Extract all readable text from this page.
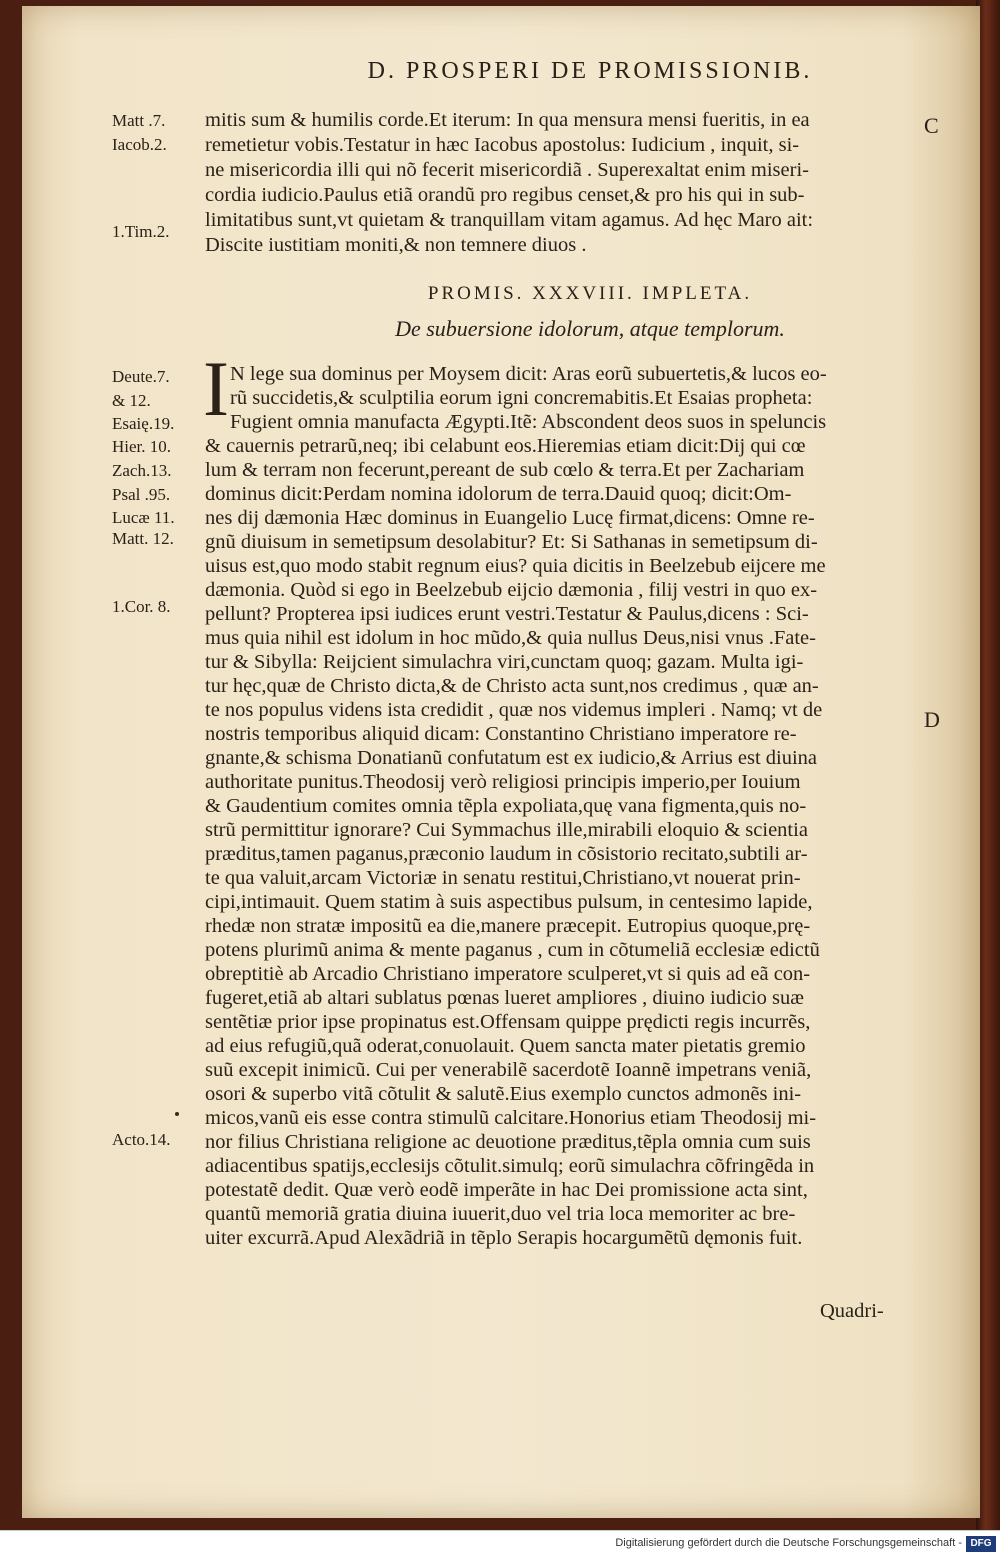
D. PROSPERI DE PROMISSIONIB.
C
D
mitis sum & humilis corde.Et iterum: In qua mensura mensi fueritis, in ea
remetietur vobis.Testatur in hæc Iacobus apostolus: Iudicium , inquit, si-
ne misericordia illi qui nõ fecerit misericordiã . Superexaltat enim miseri-
cordia iudicio.Paulus etiã orandũ pro regibus censet,& pro his qui in sub-
limitatibus sunt,vt quietam & tranquillam vitam agamus. Ad hęc Maro ait:
Discite iustitiam moniti,& non temnere diuos .
Matt .7.
Iacob.2.
1.Tim.2.
PROMIS. XXXVIII. IMPLETA.
De subuersione idolorum, atque templorum.
I N lege sua dominus per Moysem dicit: Aras eorũ subuertetis,& lucos eo-
rũ succidetis,& sculptilia eorum igni concremabitis.Et Esaias propheta:
Fugient omnia manufacta Ægypti.Itẽ: Abscondent deos suos in speluncis
& cauernis petrarũ,neq; ibi celabunt eos.Hieremias etiam dicit:Dij qui cœ
lum & terram non fecerunt,pereant de sub cœlo & terra.Et per Zachariam
dominus dicit:Perdam nomina idolorum de terra.Dauid quoq; dicit:Om-
nes dij dæmonia Hæc dominus in Euangelio Lucę firmat,dicens: Omne re-
gnũ diuisum in semetipsum desolabitur? Et: Si Sathanas in semetipsum di-
uisus est,quo modo stabit regnum eius? quia dicitis in Beelzebub eijcere me
dæmonia. Quòd si ego in Beelzebub eijcio dæmonia , filij vestri in quo ex-
pellunt? Propterea ipsi iudices erunt vestri.Testatur & Paulus,dicens : Sci-
mus quia nihil est idolum in hoc mũdo,& quia nullus Deus,nisi vnus .Fate-
tur & Sibylla: Reijcient simulachra viri,cunctam quoq; gazam. Multa igi-
tur hęc,quæ de Christo dicta,& de Christo acta sunt,nos credimus , quæ an-
te nos populus videns ista credidit , quæ nos videmus impleri . Namq; vt de
nostris temporibus aliquid dicam: Constantino Christiano imperatore re-
gnante,& schisma Donatianũ confutatum est ex iudicio,& Arrius est diuina
authoritate punitus.Theodosij verò religiosi principis imperio,per Iouium
& Gaudentium comites omnia tẽpla expoliata,quę vana figmenta,quis no-
strũ permittitur ignorare? Cui Symmachus ille,mirabili eloquio & scientia
præditus,tamen paganus,præconio laudum in cõsistorio recitato,subtili ar-
te qua valuit,arcam Victoriæ in senatu restitui,Christiano,vt nouerat prin-
cipi,intimauit. Quem statim à suis aspectibus pulsum, in centesimo lapide,
rhedæ non stratæ impositũ ea die,manere præcepit. Eutropius quoque,prę-
potens plurimũ anima & mente paganus , cum in cõtumeliã ecclesiæ edictũ
obreptitiè ab Arcadio Christiano imperatore sculperet,vt si quis ad eã con-
fugeret,etiã ab altari sublatus pœnas lueret ampliores , diuino iudicio suæ
sentẽtiæ prior ipse propinatus est.Offensam quippe prędicti regis incurrẽs,
ad eius refugiũ,quã oderat,conuolauit. Quem sancta mater pietatis gremio
suũ excepit inimicũ. Cui per venerabilẽ sacerdotẽ Ioannẽ impetrans veniã,
osori & superbo vitã cõtulit & salutẽ.Eius exemplo cunctos admonẽs ini-
micos,vanũ eis esse contra stimulũ calcitare.Honorius etiam Theodosij mi-
nor filius Christiana religione ac deuotione præditus,tẽpla omnia cum suis
adiacentibus spatijs,ecclesijs cõtulit.simulq; eorũ simulachra cõfringẽda in
potestatẽ dedit. Quæ verò eodẽ imperãte in hac Dei promissione acta sint,
quantũ memoriã gratia diuina iuuerit,duo vel tria loca memoriter ac bre-
uiter excurrã.Apud Alexãdriã in tẽplo Serapis hocargumẽtũ dęmonis fuit.
Deute.7.
& 12.
Esaię.19.
Hier. 10.
Zach.13.
Psal .95.
Lucæ 11.
Matt. 12.
1.Cor. 8.
Acto.14.
Quadri-
Digitalisierung gefördert durch die Deutsche Forschungsgemeinschaft - DFG
